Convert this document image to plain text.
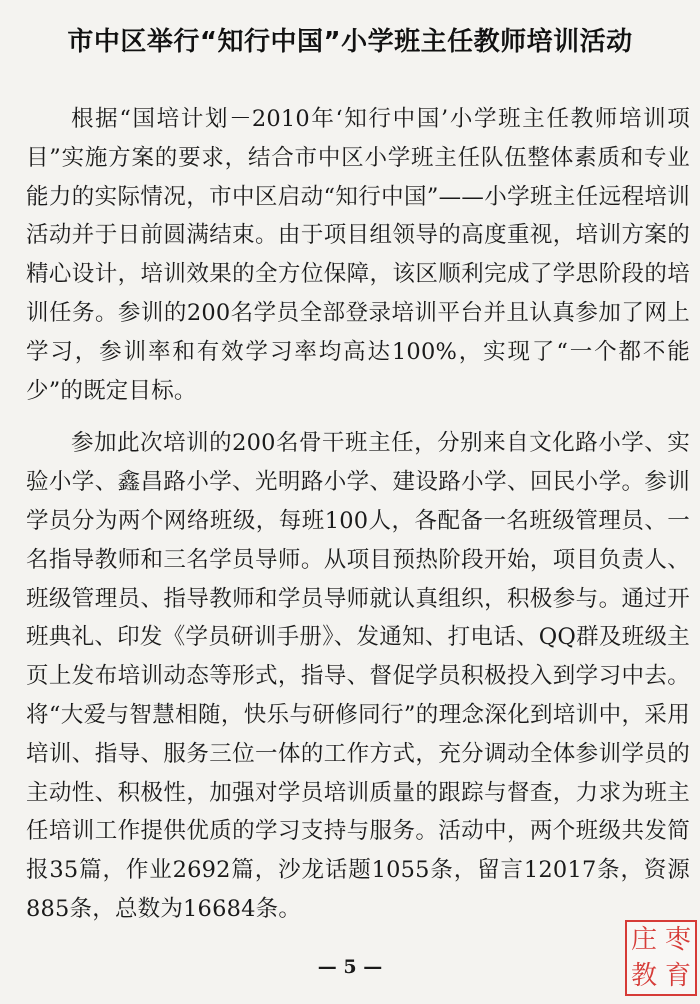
市中区举行“知行中国”小学班主任教师培训活动

根据“国培计划－2010年‘知行中国’小学班主任教师培训项目”实施方案的要求，结合市中区小学班主任队伍整体素质和专业能力的实际情况，市中区启动“知行中国”——小学班主任远程培训活动并于日前圆满结束。由于项目组领导的高度重视，培训方案的精心设计，培训效果的全方位保障，该区顺利完成了学思阶段的培训任务。参训的200名学员全部登录培训平台并且认真参加了网上学习，参训率和有效学习率均高达100%，实现了“一个都不能少”的既定目标。

参加此次培训的200名骨干班主任，分别来自文化路小学、实验小学、鑫昌路小学、光明路小学、建设路小学、回民小学。参训学员分为两个网络班级，每班100人，各配备一名班级管理员、一名指导教师和三名学员导师。从项目预热阶段开始，项目负责人、班级管理员、指导教师和学员导师就认真组织，积极参与。通过开班典礼、印发《学员研训手册》、发通知、打电话、QQ群及班级主页上发布培训动态等形式，指导、督促学员积极投入到学习中去。将“大爱与智慧相随，快乐与研修同行”的理念深化到培训中，采用培训、指导、服务三位一体的工作方式，充分调动全体参训学员的主动性、积极性，加强对学员培训质量的跟踪与督查，力求为班主任培训工作提供优质的学习支持与服务。活动中，两个班级共发简报35篇，作业2692篇，沙龙话题1055条，留言12017条，资源885条，总数为16684条。

— 5 —
庄 枣
教 育
